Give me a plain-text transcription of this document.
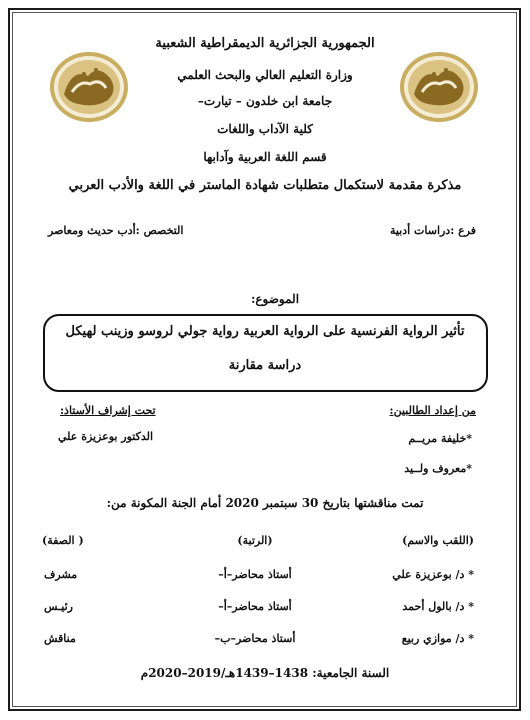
الجمهورية الجزائرية الديمقراطية الشعبية
وزارة التعليم العالي والبحث العلمي
جامعة ابن خلدون – تيارت–
كلية الآداب واللغات
قسم اللغة العربية وآدابها
مذكرة مقدمة لاستكمال متطلبات شهادة الماستر في اللغة والأدب العربي
فرع :دراسات أدبية
التخصص :أدب حديث ومعاصر
الموضوع:
تأثير الرواية الفرنسية على الرواية العربية رواية جولي لروسو وزينب لهيكل
دراسة مقارنة
من إعداد الطالبين:
تحت إشراف الأستاذ:
*خليفة مريــم
الدكتور بوعزيزة علي
*معروف ولــيد
تمت مناقشتها بتاريخ 30 سبتمبر 2020 أمام الجنة المكونة من:
(اللقب والاسم)
(الرتبة)
( الصفة)
* د/ بوعزيزة علي
أستاذ محاضر–أ–
مشرف
* د/ بالول أحمد
أستاذ محاضر–أ–
رئيـس
* د/ موازي ربيع
أستاذ محاضر–ب–
مناقش
السنة الجامعية: 1438–1439هـ/2019–2020م
